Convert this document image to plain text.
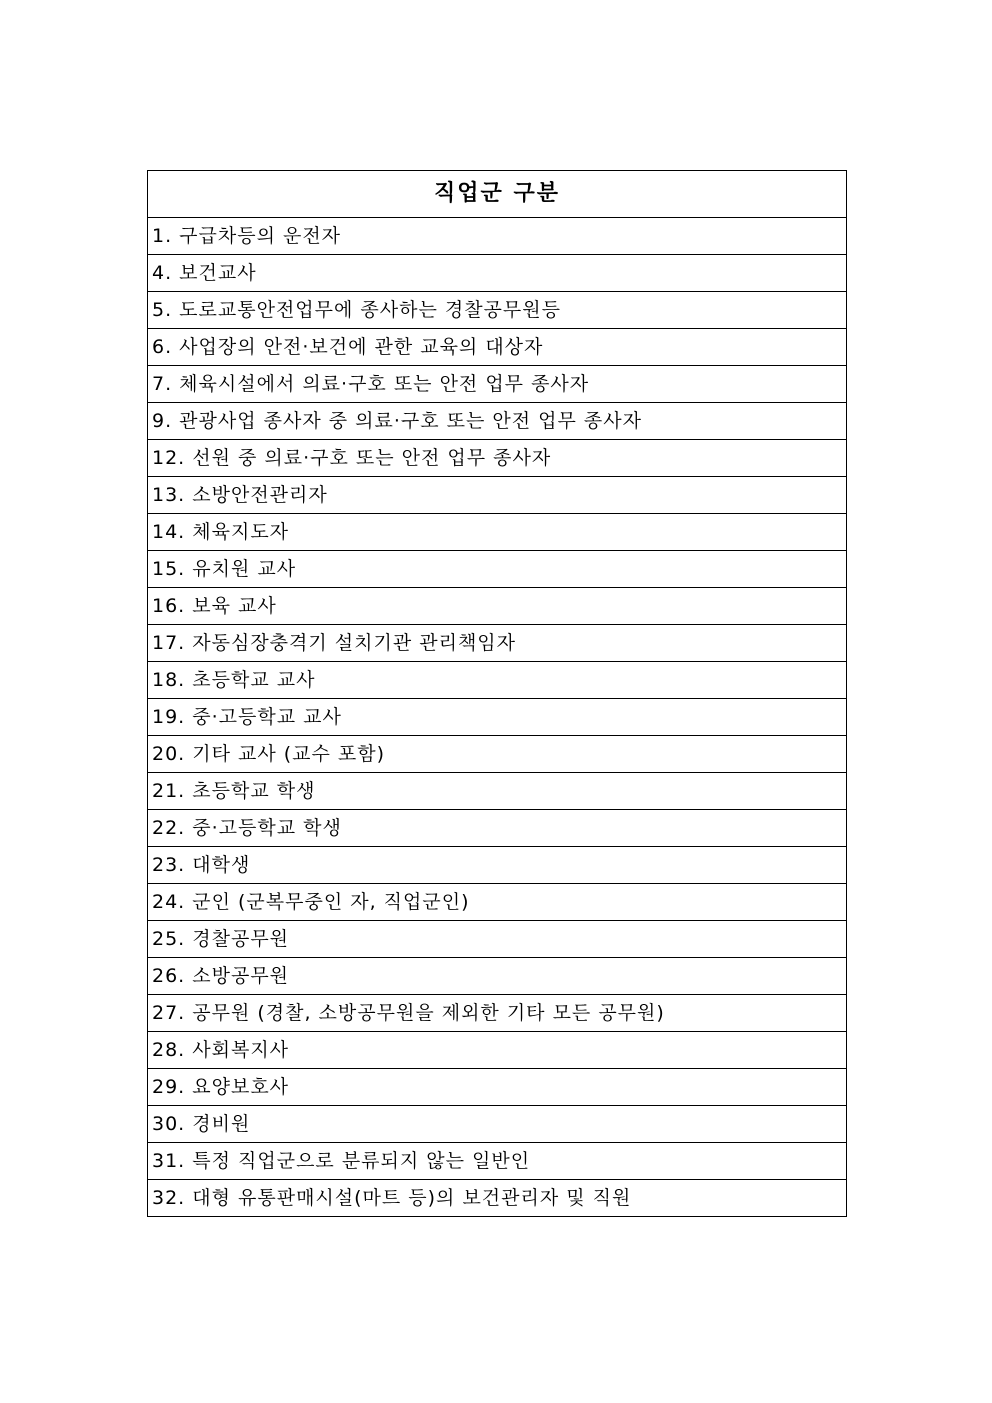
직업군 구분
1. 구급차등의 운전자
4. 보건교사
5. 도로교통안전업무에 종사하는 경찰공무원등
6. 사업장의 안전·보건에 관한 교육의 대상자
7. 체육시설에서 의료·구호 또는 안전 업무 종사자
9. 관광사업 종사자 중 의료·구호 또는 안전 업무 종사자
12. 선원 중 의료·구호 또는 안전 업무 종사자
13. 소방안전관리자
14. 체육지도자
15. 유치원 교사
16. 보육 교사
17. 자동심장충격기 설치기관 관리책임자
18. 초등학교 교사
19. 중·고등학교 교사
20. 기타 교사 (교수 포함)
21. 초등학교 학생
22. 중·고등학교 학생
23. 대학생
24. 군인 (군복무중인 자, 직업군인)
25. 경찰공무원
26. 소방공무원
27. 공무원 (경찰, 소방공무원을 제외한 기타 모든 공무원)
28. 사회복지사
29. 요양보호사
30. 경비원
31. 특정 직업군으로 분류되지 않는 일반인
32. 대형 유통판매시설(마트 등)의 보건관리자 및 직원
